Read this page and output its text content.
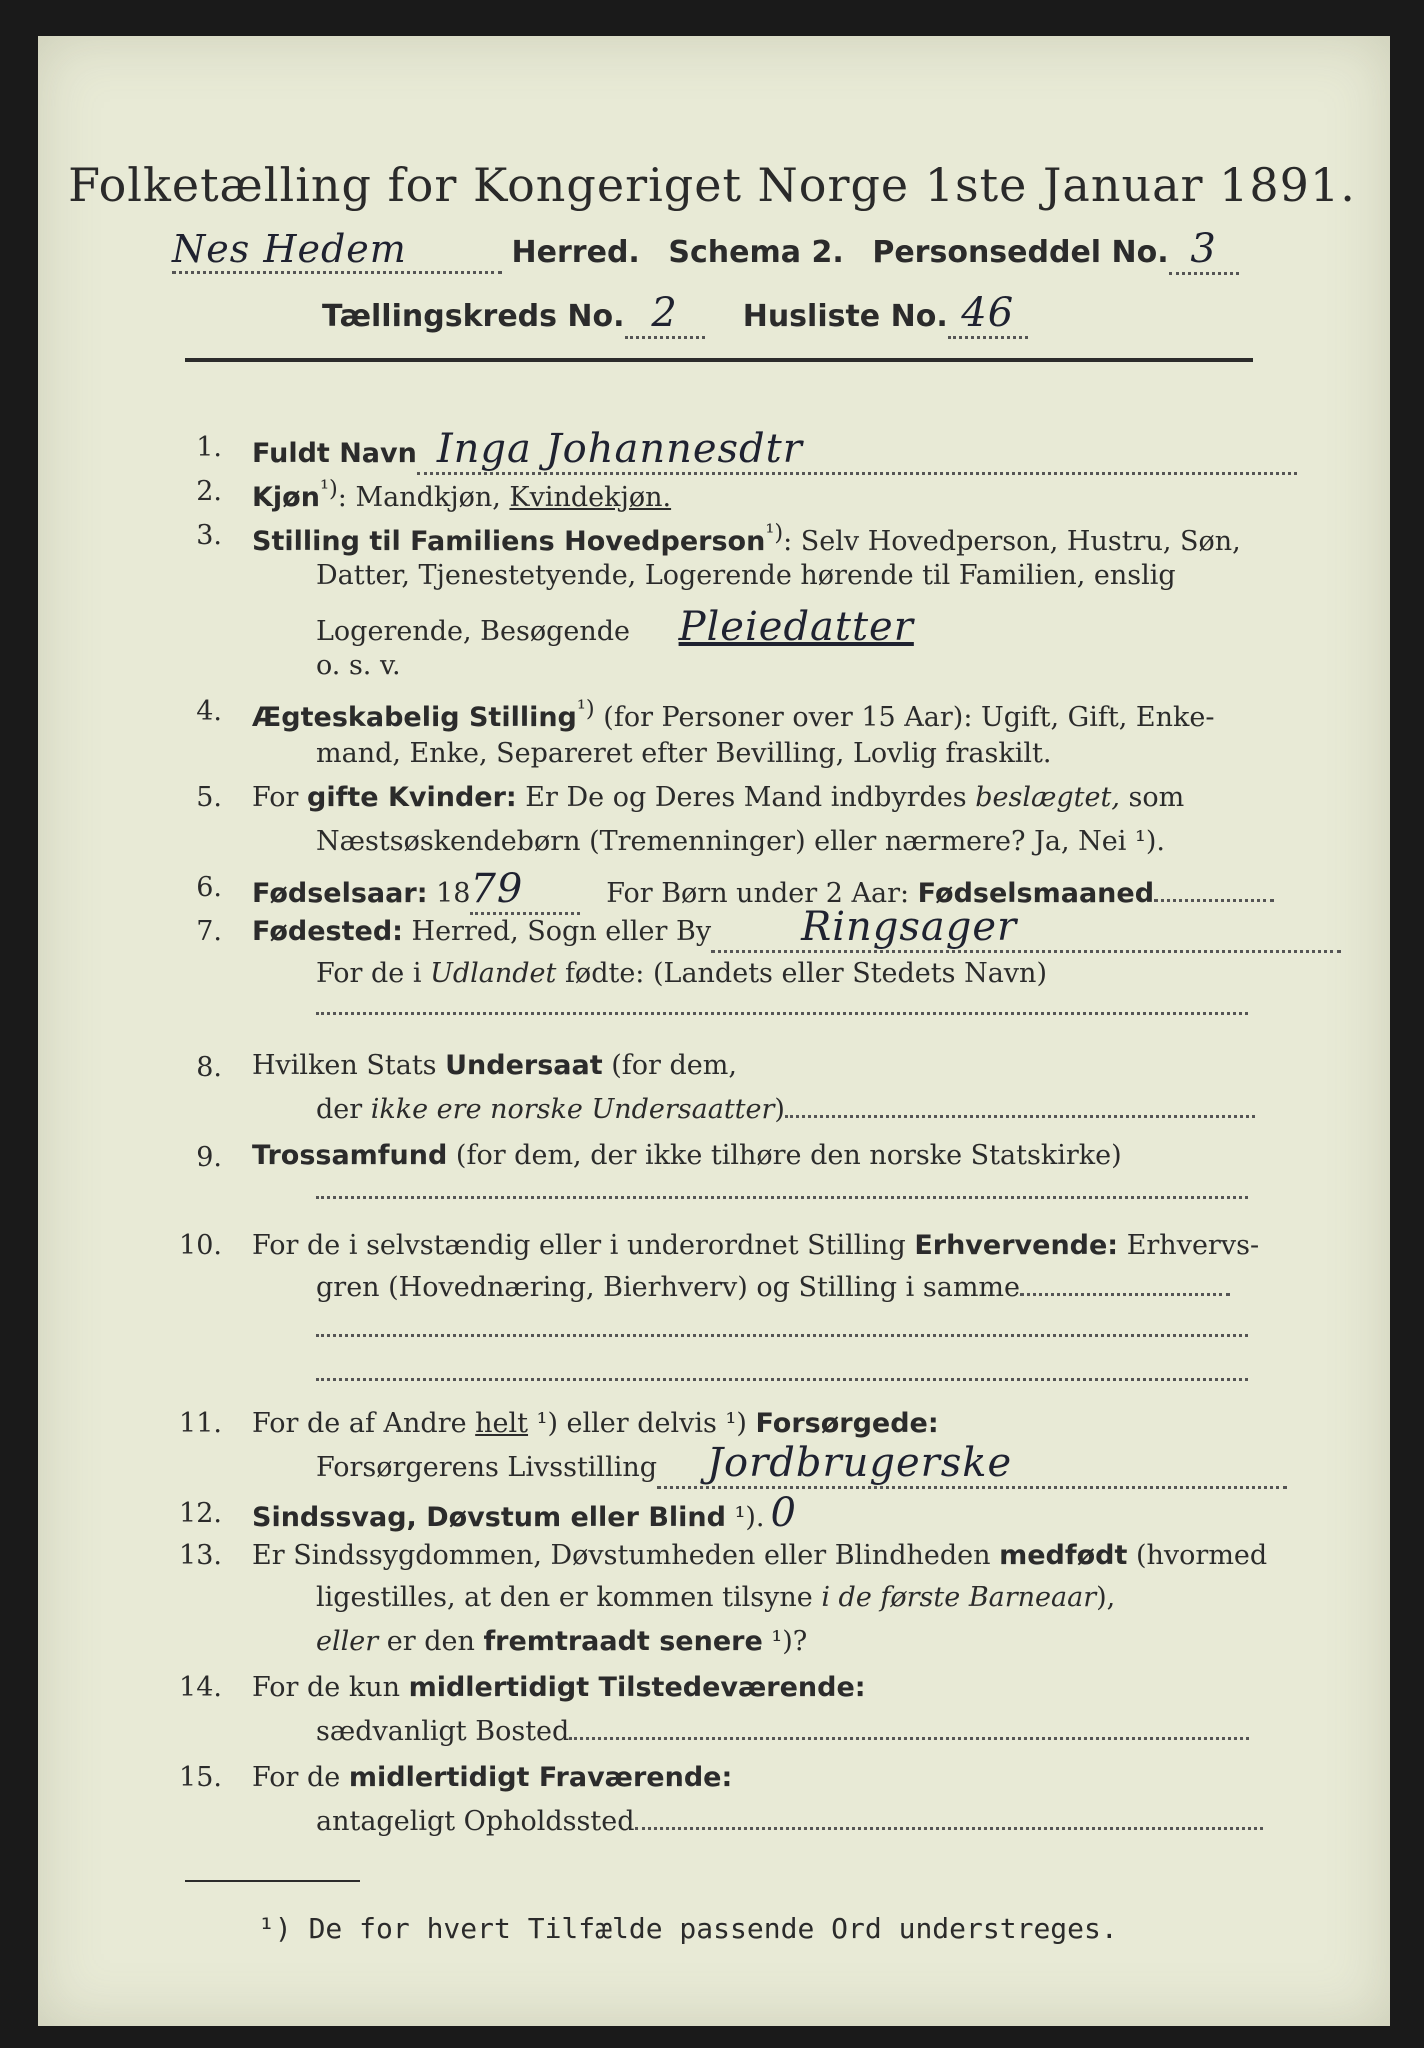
Folketælling for Kongeriget Norge 1ste Januar 1891.
Nes Hedem	Herred. Schema 2. Personseddel No. 3
Tællingskreds No. 2 Husliste No. 46
1. Fuldt Navn Inga Johannesdtr
2. Kjøn$^{^1)}$: Mandkjøn, Kvindekjøn.
3. Stilling til Familiens Hovedperson$^{^1)}$: Selv Hovedperson, Hustru, Søn,
Datter, Tjenestetyende, Logerende hørende til Familien, enslig
Logerende, Besøgende Pleiedatter
o. s. v.
4. Ægteskabelig Stilling$^{^1)}$ (for Personer over 15 Aar): Ugift, Gift, Enke-
mand, Enke, Separeret efter Bevilling, Lovlig fraskilt.
5. For gifte Kvinder: Er De og Deres Mand indbyrdes beslægtet, som
Næstsøskendebørn (Tremenninger) eller nærmere? Ja, Nei ¹).
6. Fødselsaar: 1879	For Børn under 2 Aar: Fødselsmaaned
7. Fødested: Herred, Sogn eller By Ringsager
For de i Udlandet fødte: (Landets eller Stedets Navn)
8. Hvilken Stats Undersaat (for dem,
der ikke ere norske Undersaatter)
9. Trossamfund (for dem, der ikke tilhøre den norske Statskirke)
10. For de i selvstændig eller i underordnet Stilling Erhvervende: Erhvervs-
gren (Hovednæring, Bierhverv) og Stilling i samme
11. For de af Andre helt ¹) eller delvis ¹) Forsørgede:
Forsørgerens Livsstilling Jordbrugerske
12. Sindssvag, Døvstum eller Blind ¹). 0
13. Er Sindssygdommen, Døvstumheden eller Blindheden medfødt (hvormed
ligestilles, at den er kommen tilsyne i de første Barneaar),
eller er den fremtraadt senere ¹)?
14. For de kun midlertidigt Tilstedeværende:
sædvanligt Bosted
15. For de midlertidigt Fraværende:
antageligt Opholdssted
¹) De for hvert Tilfælde passende Ord understreges.
